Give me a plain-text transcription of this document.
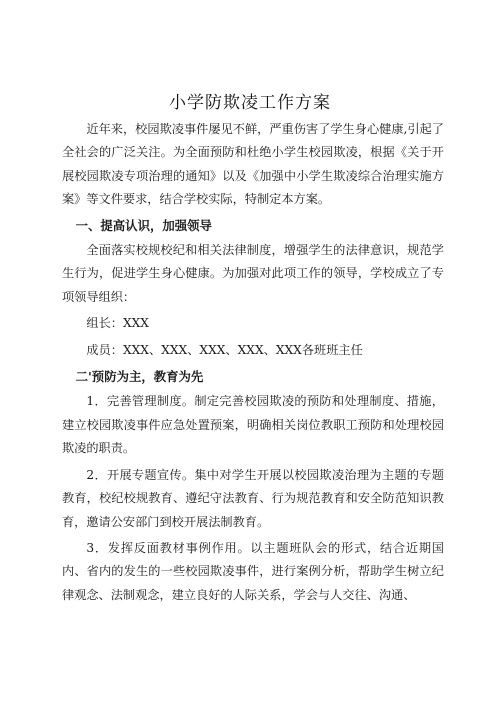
小学防欺凌工作方案

近年来，校园欺凌事件屡见不鲜，严重伤害了学生身心健康,引起了全社会的广泛关注。为全面预防和杜绝小学生校园欺凌，根据《关于开展校园欺凌专项治理的通知》以及《加强中小学生欺凌综合治理实施方案》等文件要求，结合学校实际，特制定本方案。

一、提高认识，加强领导

全面落实校规校纪和相关法律制度，增强学生的法律意识，规范学生行为，促进学生身心健康。为加强对此项工作的领导，学校成立了专项领导组织：

组长：XXX

成员：XXX、XXX、XXX、XXX、XXX各班班主任

二'预防为主，教育为先

1．完善管理制度。制定完善校园欺凌的预防和处理制度、措施，建立校园欺凌事件应急处置预案，明确相关岗位教职工预防和处理校园欺凌的职责。

2．开展专题宣传。集中对学生开展以校园欺凌治理为主题的专题教育，校纪校规教育、遵纪守法教育、行为规范教育和安全防范知识教育，邀请公安部门到校开展法制教育。

3．发挥反面教材事例作用。以主题班队会的形式，结合近期国内、省内的发生的一些校园欺凌事件，进行案例分析，帮助学生树立纪律观念、法制观念，建立良好的人际关系，学会与人交往、沟通、
